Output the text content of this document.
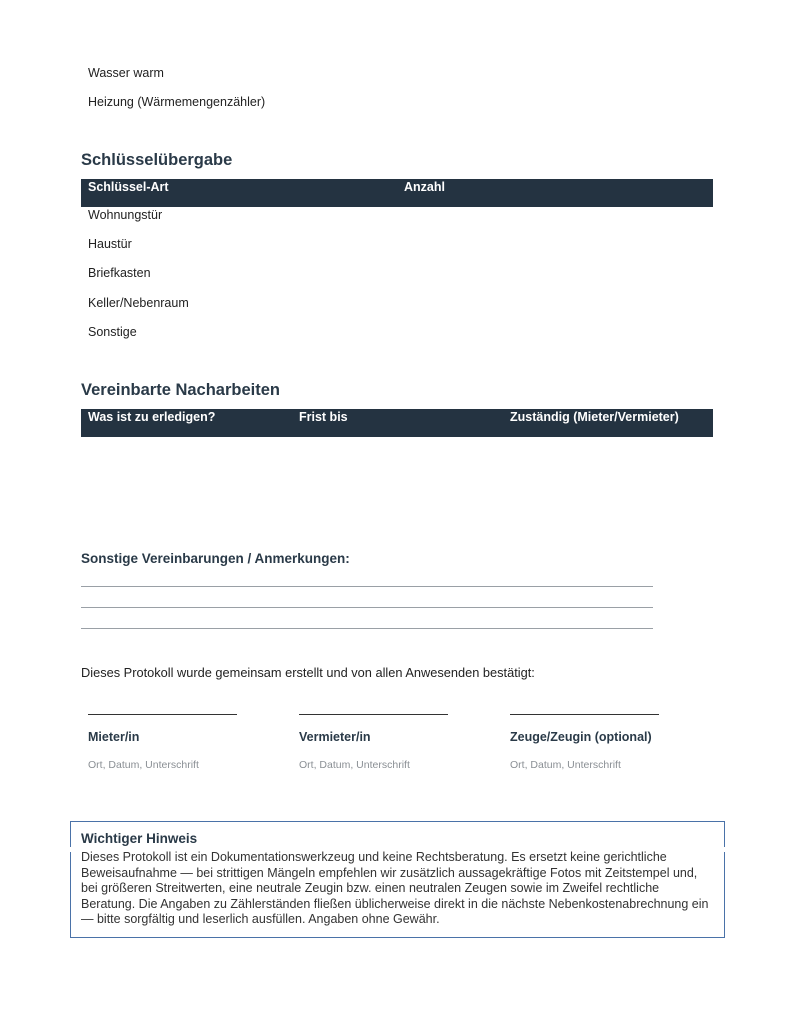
Wasser warm
Heizung (Wärmemengenzähler)
Schlüsselübergabe
Schlüssel-Art	Anzahl
Wohnungstür
Haustür
Briefkasten
Keller/Nebenraum
Sonstige
Vereinbarte Nacharbeiten
Was ist zu erledigen?	Frist bis	Zuständig (Mieter/Vermieter)
Sonstige Vereinbarungen / Anmerkungen:
Dieses Protokoll wurde gemeinsam erstellt und von allen Anwesenden bestätigt:
Mieter/in	Vermieter/in	Zeuge/Zeugin (optional)
Ort, Datum, Unterschrift	Ort, Datum, Unterschrift	Ort, Datum, Unterschrift
Wichtiger Hinweis
Dieses Protokoll ist ein Dokumentationswerkzeug und keine Rechtsberatung. Es ersetzt keine gerichtliche Beweisaufnahme — bei strittigen Mängeln empfehlen wir zusätzlich aussagekräftige Fotos mit Zeitstempel und, bei größeren Streitwerten, eine neutrale Zeugin bzw. einen neutralen Zeugen sowie im Zweifel rechtliche Beratung. Die Angaben zu Zählerständen fließen üblicherweise direkt in die nächste Nebenkostenabrechnung ein — bitte sorgfältig und leserlich ausfüllen. Angaben ohne Gewähr.
